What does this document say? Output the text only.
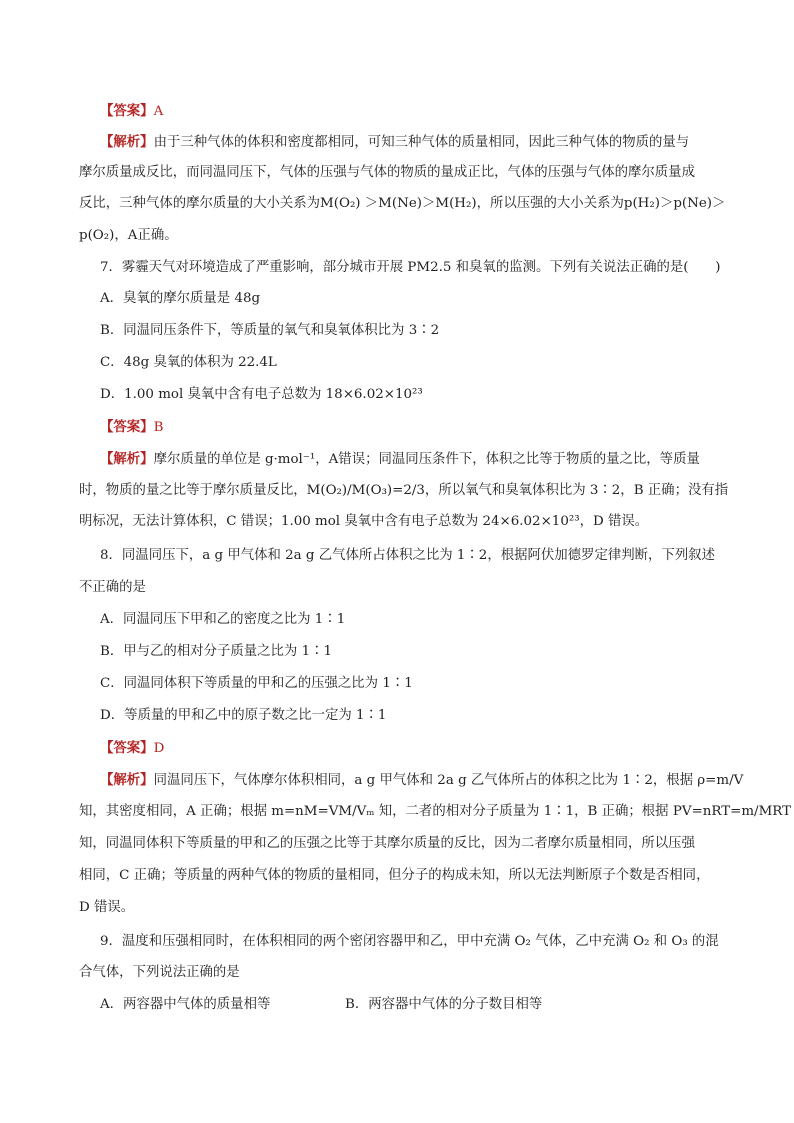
【答案】A
【解析】由于三种气体的体积和密度都相同，可知三种气体的质量相同，因此三种气体的物质的量与
摩尔质量成反比，而同温同压下，气体的压强与气体的物质的量成正比，气体的压强与气体的摩尔质量成
反比，三种气体的摩尔质量的大小关系为M(O₂) ＞M(Ne)＞M(H₂)，所以压强的大小关系为p(H₂)＞p(Ne)＞
p(O₂)，A正确。
7．雾霾天气对环境造成了严重影响，部分城市开展 PM2.5 和臭氧的监测。下列有关说法正确的是(　　)
A．臭氧的摩尔质量是 48g
B．同温同压条件下，等质量的氧气和臭氧体积比为 3∶2
C．48g 臭氧的体积为 22.4L
D．1.00 mol 臭氧中含有电子总数为 18×6.02×10²³
【答案】B
【解析】摩尔质量的单位是 g·mol⁻¹，A错误；同温同压条件下，体积之比等于物质的量之比，等质量
时，物质的量之比等于摩尔质量反比，M(O₂)/M(O₃)=2/3，所以氧气和臭氧体积比为 3∶2，B 正确；没有指
明标况，无法计算体积，C 错误；1.00 mol 臭氧中含有电子总数为 24×6.02×10²³，D 错误。
8．同温同压下，a g 甲气体和 2a g 乙气体所占体积之比为 1∶2，根据阿伏加德罗定律判断，下列叙述
不正确的是
A．同温同压下甲和乙的密度之比为 1∶1
B．甲与乙的相对分子质量之比为 1∶1
C．同温同体积下等质量的甲和乙的压强之比为 1∶1
D．等质量的甲和乙中的原子数之比一定为 1∶1
【答案】D
【解析】同温同压下，气体摩尔体积相同，a g 甲气体和 2a g 乙气体所占的体积之比为 1∶2，根据 ρ=m/V
知，其密度相同，A 正确；根据 m=nM=VM/Vₘ 知，二者的相对分子质量为 1∶1，B 正确；根据 PV=nRT=m/MRT
知，同温同体积下等质量的甲和乙的压强之比等于其摩尔质量的反比，因为二者摩尔质量相同，所以压强
相同，C 正确；等质量的两种气体的物质的量相同，但分子的构成未知，所以无法判断原子个数是否相同，
D 错误。
9．温度和压强相同时，在体积相同的两个密闭容器甲和乙，甲中充满 O₂ 气体，乙中充满 O₂ 和 O₃ 的混
合气体，下列说法正确的是
A．两容器中气体的质量相等	B．两容器中气体的分子数目相等
